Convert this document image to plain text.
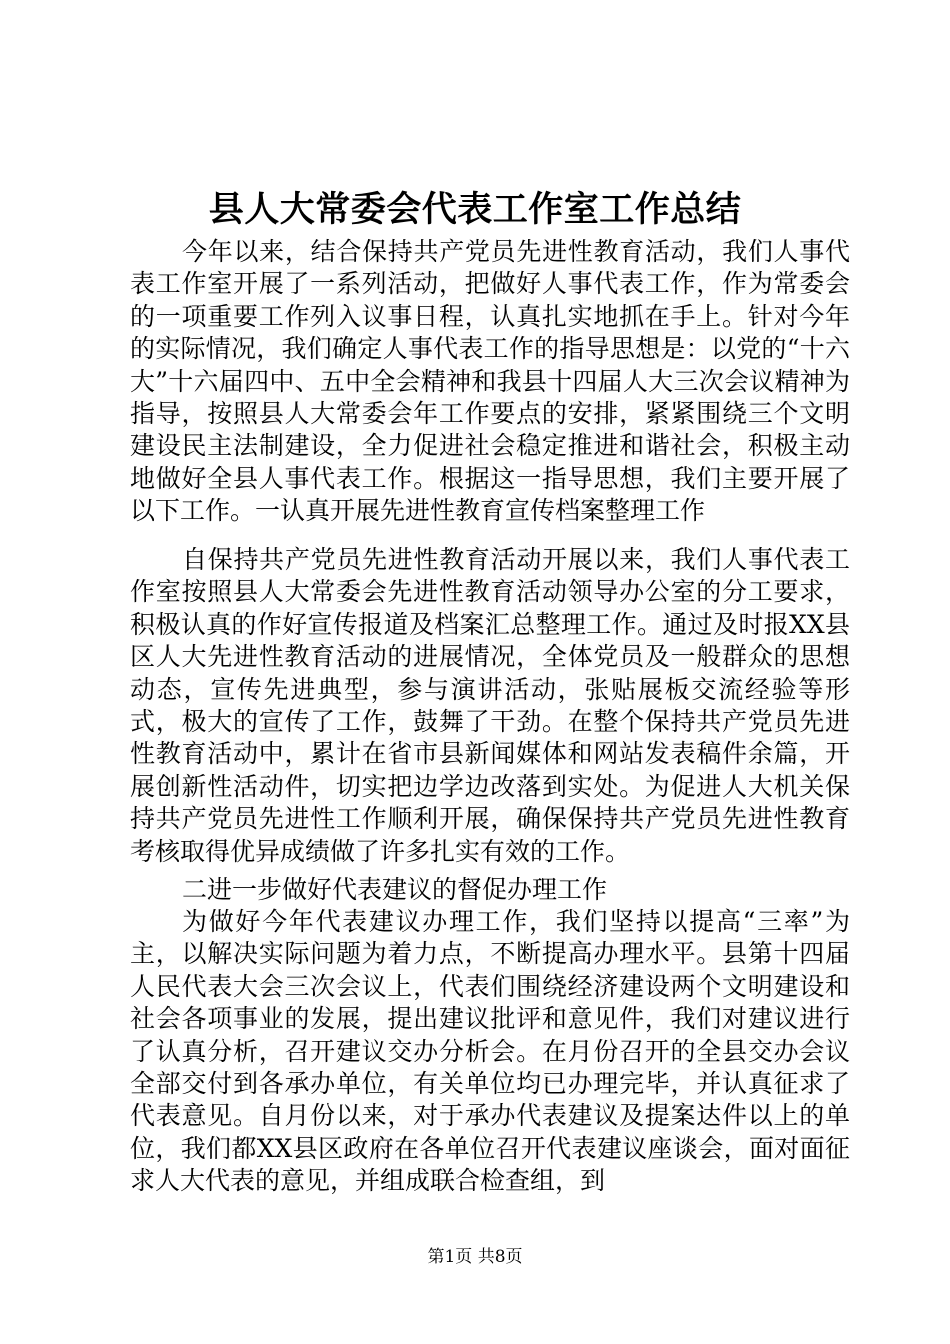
县人大常委会代表工作室工作总结

今年以来，结合保持共产党员先进性教育活动，我们人事代表工作室开展了一系列活动，把做好人事代表工作，作为常委会的一项重要工作列入议事日程，认真扎实地抓在手上。针对今年的实际情况，我们确定人事代表工作的指导思想是：以党的“十六大”十六届四中、五中全会精神和我县十四届人大三次会议精神为指导，按照县人大常委会年工作要点的安排，紧紧围绕三个文明建设民主法制建设，全力促进社会稳定推进和谐社会，积极主动地做好全县人事代表工作。根据这一指导思想，我们主要开展了以下工作。一认真开展先进性教育宣传档案整理工作

自保持共产党员先进性教育活动开展以来，我们人事代表工作室按照县人大常委会先进性教育活动领导办公室的分工要求，积极认真的作好宣传报道及档案汇总整理工作。通过及时报XX县区人大先进性教育活动的进展情况，全体党员及一般群众的思想动态，宣传先进典型，参与演讲活动，张贴展板交流经验等形式，极大的宣传了工作，鼓舞了干劲。在整个保持共产党员先进性教育活动中，累计在省市县新闻媒体和网站发表稿件余篇，开展创新性活动件，切实把边学边改落到实处。为促进人大机关保持共产党员先进性工作顺利开展，确保保持共产党员先进性教育考核取得优异成绩做了许多扎实有效的工作。

二进一步做好代表建议的督促办理工作

为做好今年代表建议办理工作，我们坚持以提高“三率”为主，以解决实际问题为着力点，不断提高办理水平。县第十四届人民代表大会三次会议上，代表们围绕经济建设两个文明建设和社会各项事业的发展，提出建议批评和意见件，我们对建议进行了认真分析，召开建议交办分析会。在月份召开的全县交办会议全部交付到各承办单位，有关单位均已办理完毕，并认真征求了代表意见。自月份以来，对于承办代表建议及提案达件以上的单位，我们都XX县区政府在各单位召开代表建议座谈会，面对面征求人大代表的意见，并组成联合检查组，到

第1页 共8页
